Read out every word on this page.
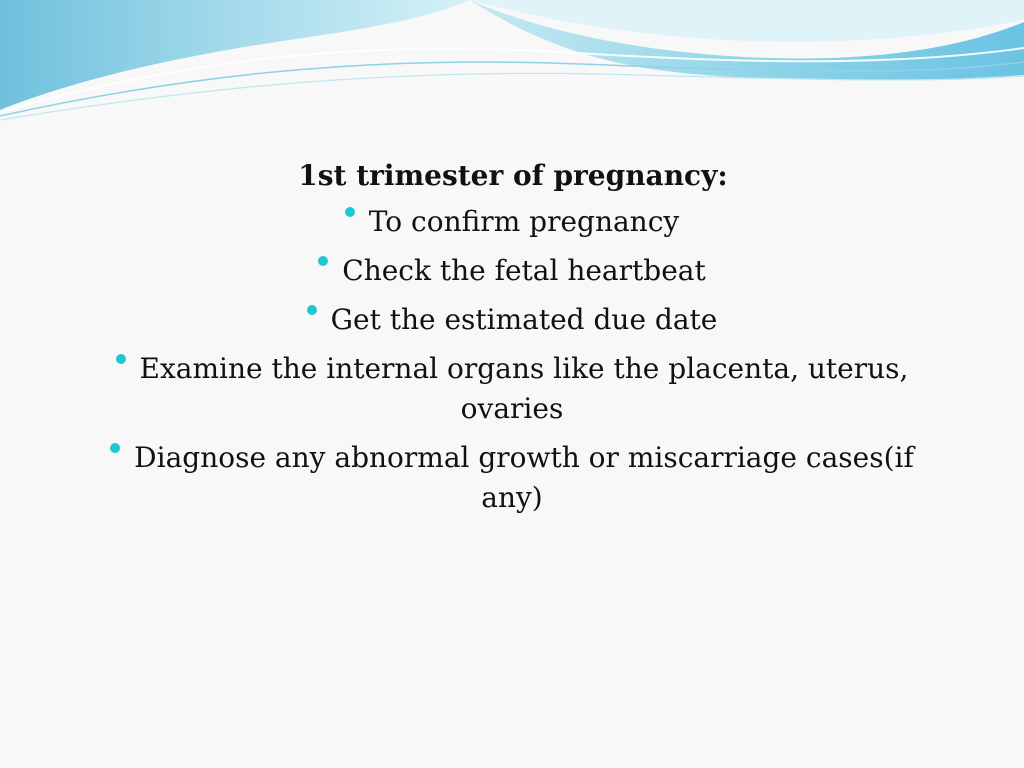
1st trimester of pregnancy:
To confirm pregnancy
Check the fetal heartbeat
Get the estimated due date
Examine the internal organs like the placenta, uterus, ovaries
Diagnose any abnormal growth or miscarriage cases(if any)
